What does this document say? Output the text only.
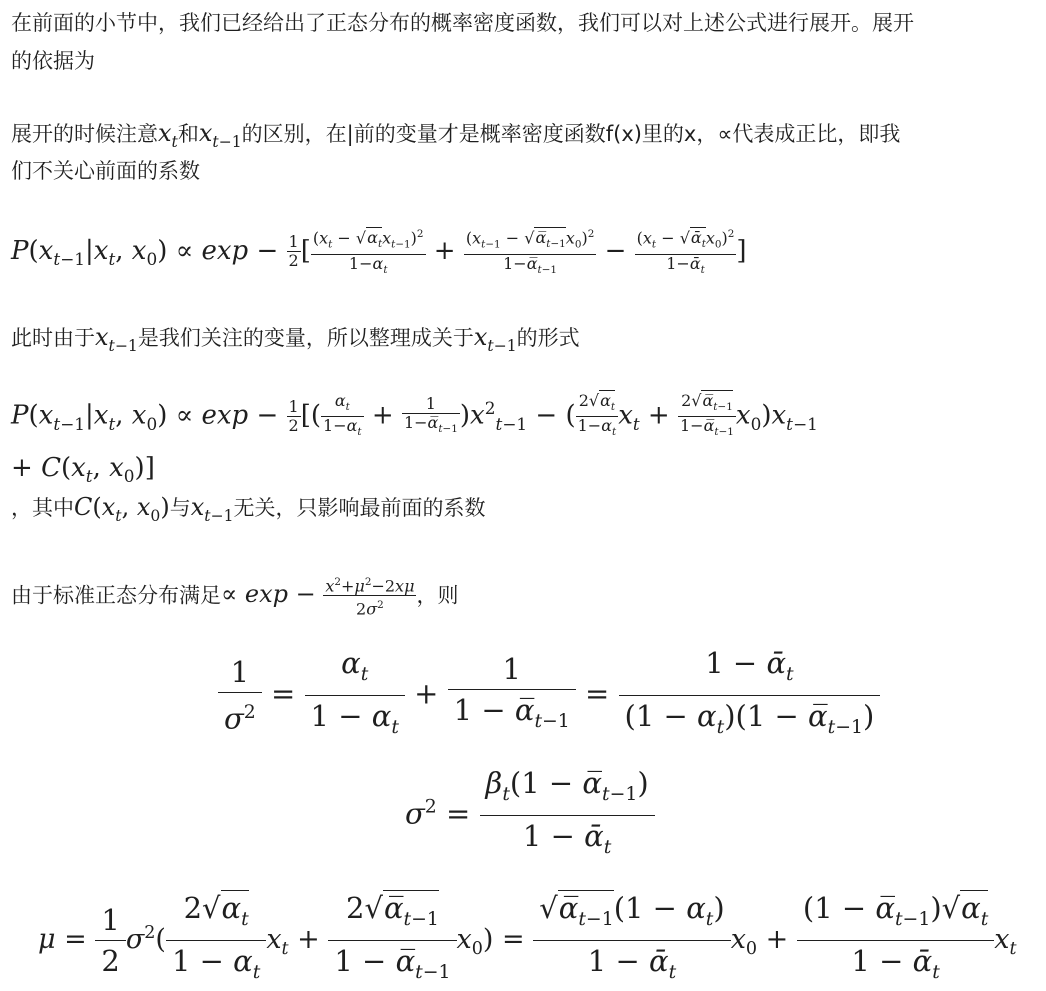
在前面的小节中，我们已经给出了正态分布的概率密度函数，我们可以对上述公式进行展开。展开
的依据为
展开的时候注意$x_t$和$x_{t-1}$的区别，在|前的变量才是概率密度函数f(x)里的x，∝代表成正比，即我
们不关心前面的系数
$P(x_{t-1}|x_t$, $x_0) \propto \exp - \frac{1}{2}$ [ $\frac{(x_t - √\alpha_tx_{t-1})^2}{1-\alpha_t} + \frac{(x_{t-1} - √\alpha̅_{t-1}x_0)^2}{1-\alpha̅_{t-1}} - \frac{(x_t - √ᾱ_tx_0)^2}{1-ᾱ_t}$ ]
此时由于$x_{t-1}$是我们关注的变量，所以整理成关于$x_{t-1}$的形式
$P(x_{t-1}|x_t$, $x_0) \propto \exp - \frac{1}{2}$ [( $\frac{\alpha_t}{1-\alpha_t} + \frac{1}{1-\alpha̅_{t-1}} )x^2_{t-1}$ − ( $\frac{2√\alpha_t}{1-\alpha_t} x_t + \frac{2√\alpha̅_{t-1}}{1-\alpha̅_{t-1}} x_0)x_{t-1}$
+ $C(x_t$, $x_0$)]
，其中$C(x_t$, $x_0$)与$x_{t-1}$无关，只影响最前面的系数
由于标准正态分布满足∝ $\exp - \frac{x^2+\mu^2-2x\mu}{2\sigma^2}$ ，则
$\frac{1}{\sigma^2} = \frac{\alpha_t}{1 - \alpha_t} + \frac{1}{1 - \alpha̅_{t-1}} = \frac{1 - ᾱ_t}{(1 - \alpha_t)(1 - \alpha̅_{t-1})}$
$\sigma^2 = \frac{\beta_t(1 - \alpha̅_{t-1})}{1 - ᾱ_t}$
$\mu = \frac{1}{2} \sigma^2( \frac{2√\alpha_t}{1 - \alpha_t} x_t + \frac{2√\alpha̅_{t-1}}{1 - \alpha̅_{t-1}} x_0) = \frac{√\alpha̅_{t-1}(1 - \alpha_t)}{1 - ᾱ_t} x_0 + \frac{(1 - \alpha̅_{t-1})√\alpha_t}{1 - ᾱ_t} x_t$
